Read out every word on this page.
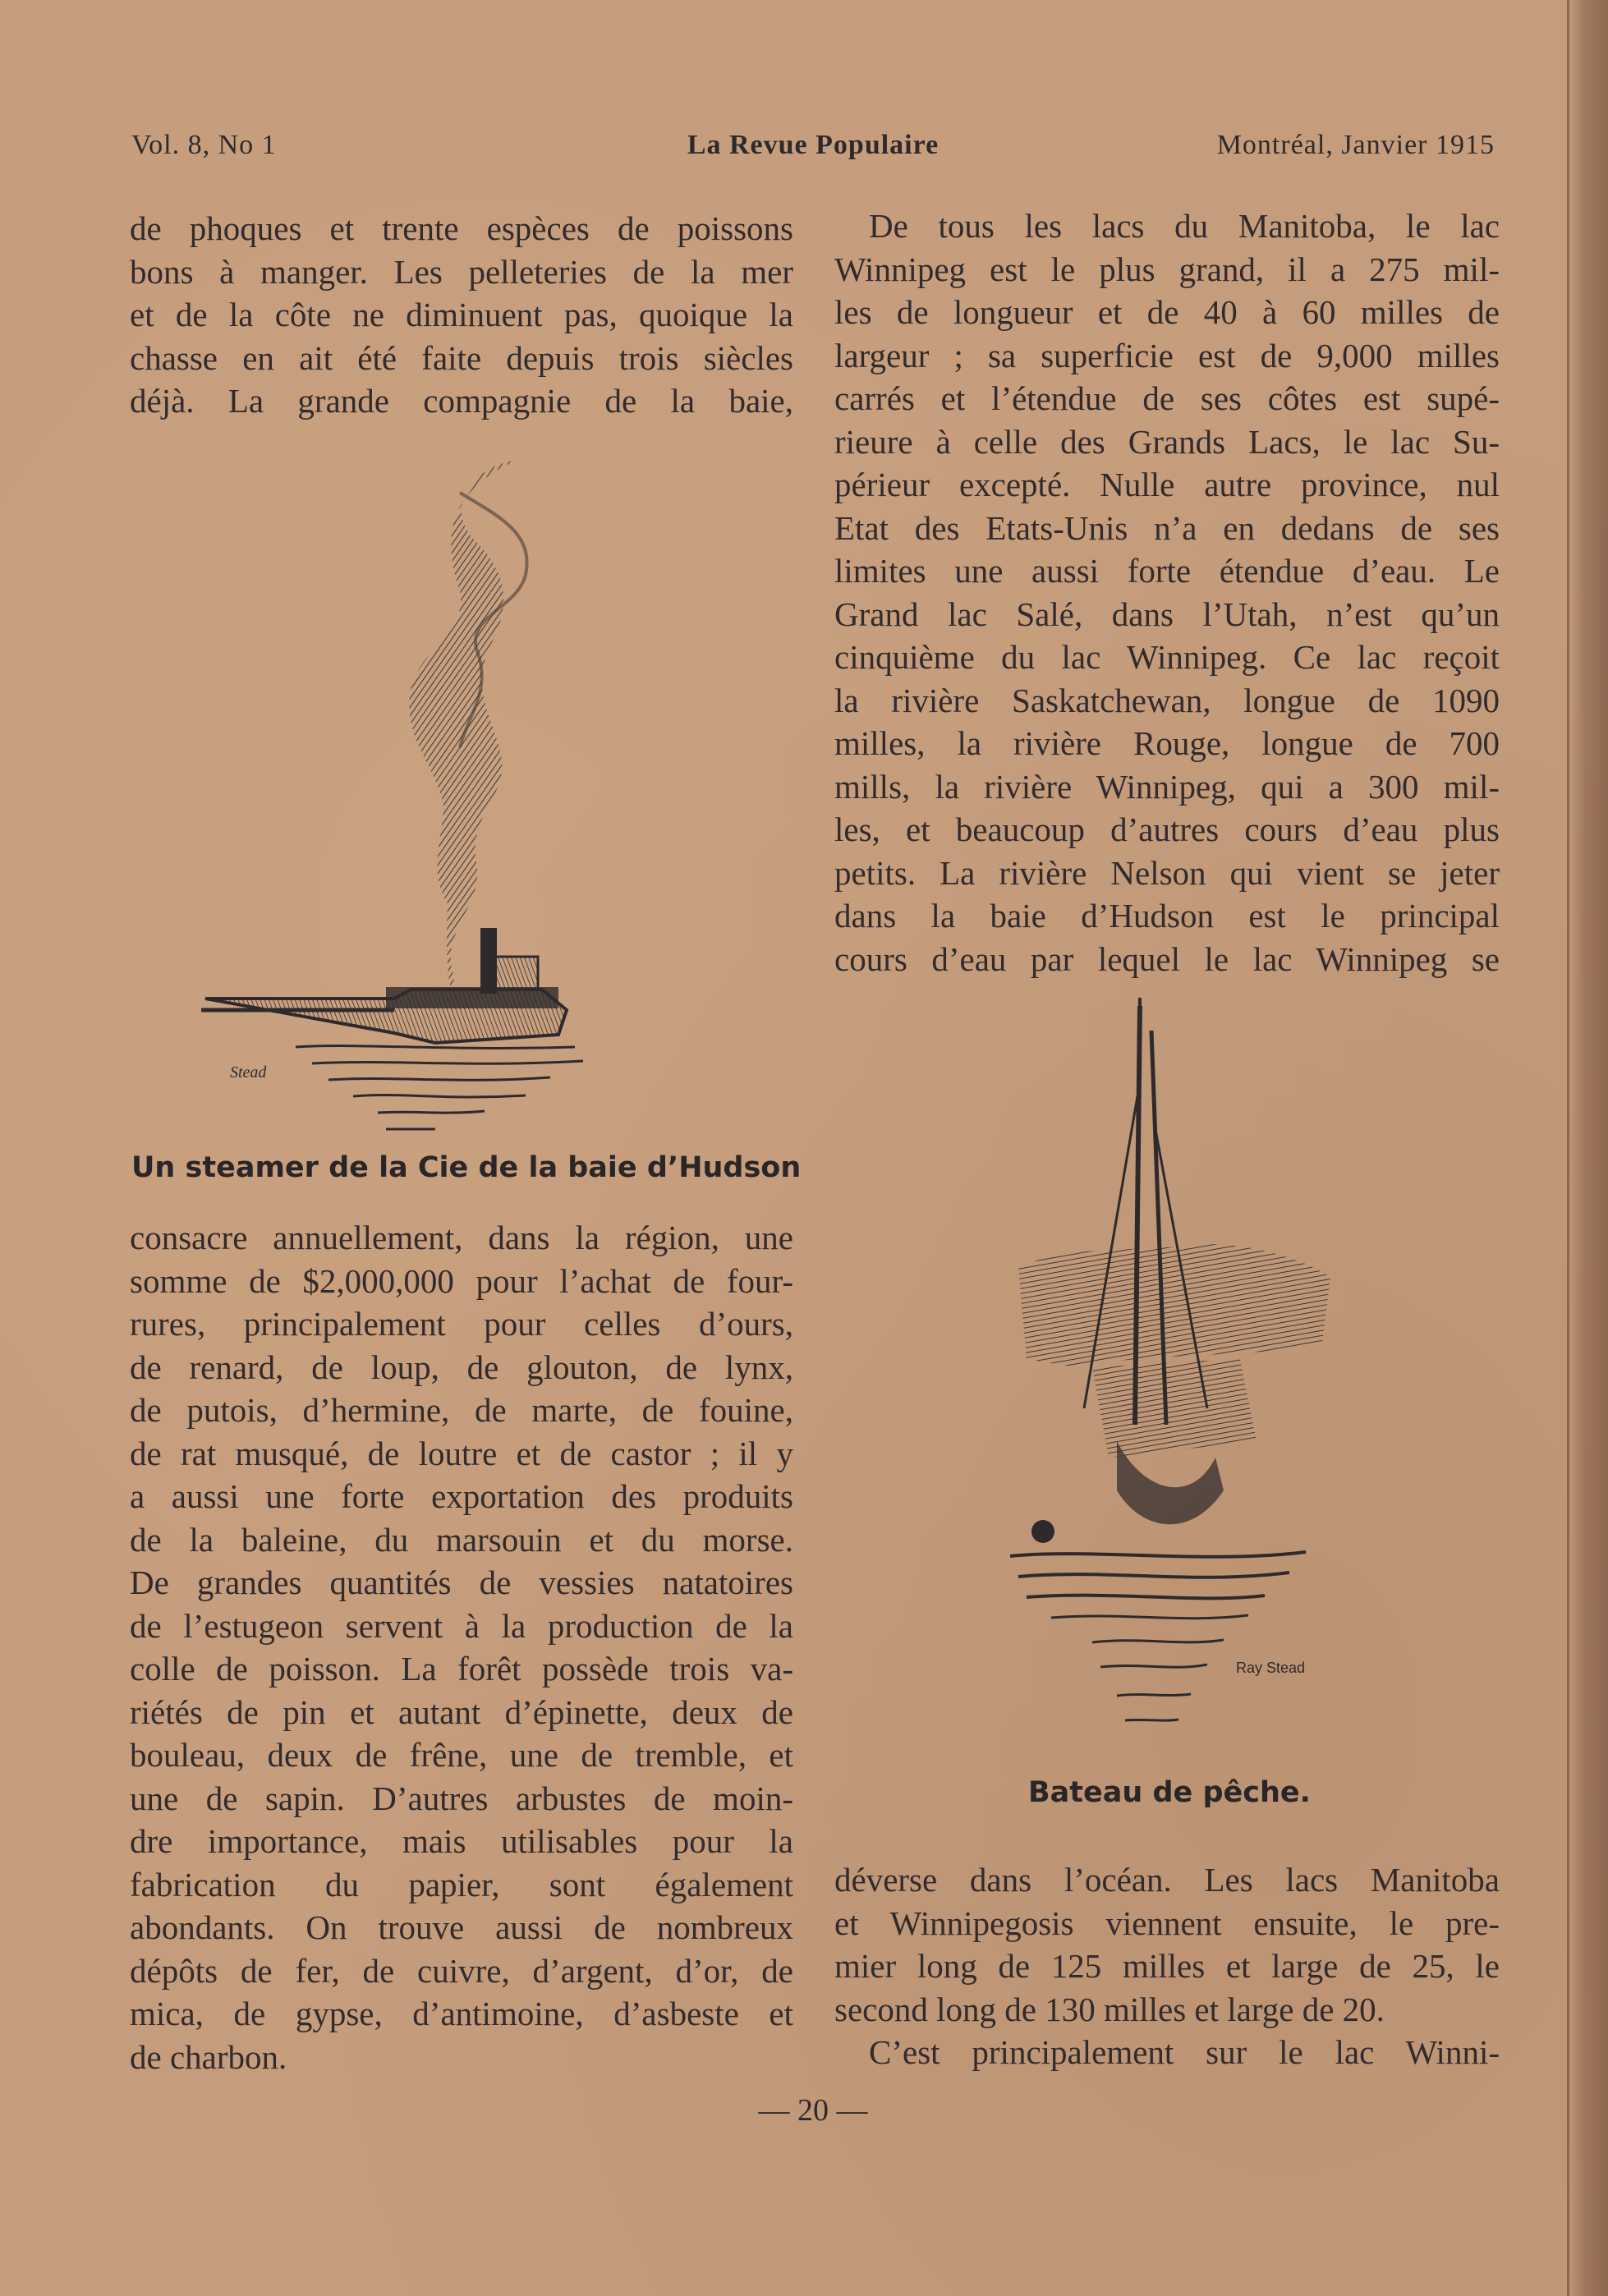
Vol. 8, No 1	La Revue Populaire	Montréal, Janvier 1915
de phoques et trente espèces de poissons
bons à manger. Les pelleteries de la mer
et de la côte ne diminuent pas, quoique la
chasse en ait été faite depuis trois siècles
déjà. La grande compagnie de la baie,
Stead
Un steamer de la Cie de la baie d’Hudson
consacre annuellement, dans la région, une
somme de $2,000,000 pour l’achat de four-
rures, principalement pour celles d’ours,
de renard, de loup, de glouton, de lynx,
de putois, d’hermine, de marte, de fouine,
de rat musqué, de loutre et de castor ; il y
a aussi une forte exportation des produits
de la baleine, du marsouin et du morse.
De grandes quantités de vessies natatoires
de l’estugeon servent à la production de la
colle de poisson. La forêt possède trois va-
riétés de pin et autant d’épinette, deux de
bouleau, deux de frêne, une de tremble, et
une de sapin. D’autres arbustes de moin-
dre importance, mais utilisables pour la
fabrication du papier, sont également
abondants. On trouve aussi de nombreux
dépôts de fer, de cuivre, d’argent, d’or, de
mica, de gypse, d’antimoine, d’asbeste et
de charbon.
De tous les lacs du Manitoba, le lac
Winnipeg est le plus grand, il a 275 mil-
les de longueur et de 40 à 60 milles de
largeur ; sa superficie est de 9,000 milles
carrés et l’étendue de ses côtes est supé-
rieure à celle des Grands Lacs, le lac Su-
périeur excepté. Nulle autre province, nul
Etat des Etats-Unis n’a en dedans de ses
limites une aussi forte étendue d’eau. Le
Grand lac Salé, dans l’Utah, n’est qu’un
cinquième du lac Winnipeg. Ce lac reçoit
la rivière Saskatchewan, longue de 1090
milles, la rivière Rouge, longue de 700
mills, la rivière Winnipeg, qui a 300 mil-
les, et beaucoup d’autres cours d’eau plus
petits. La rivière Nelson qui vient se jeter
dans la baie d’Hudson est le principal
cours d’eau par lequel le lac Winnipeg se
Ray Stead
Bateau de pêche.
déverse dans l’océan. Les lacs Manitoba
et Winnipegosis viennent ensuite, le pre-
mier long de 125 milles et large de 25, le
second long de 130 milles et large de 20.
C’est principalement sur le lac Winni-
— 20 —
